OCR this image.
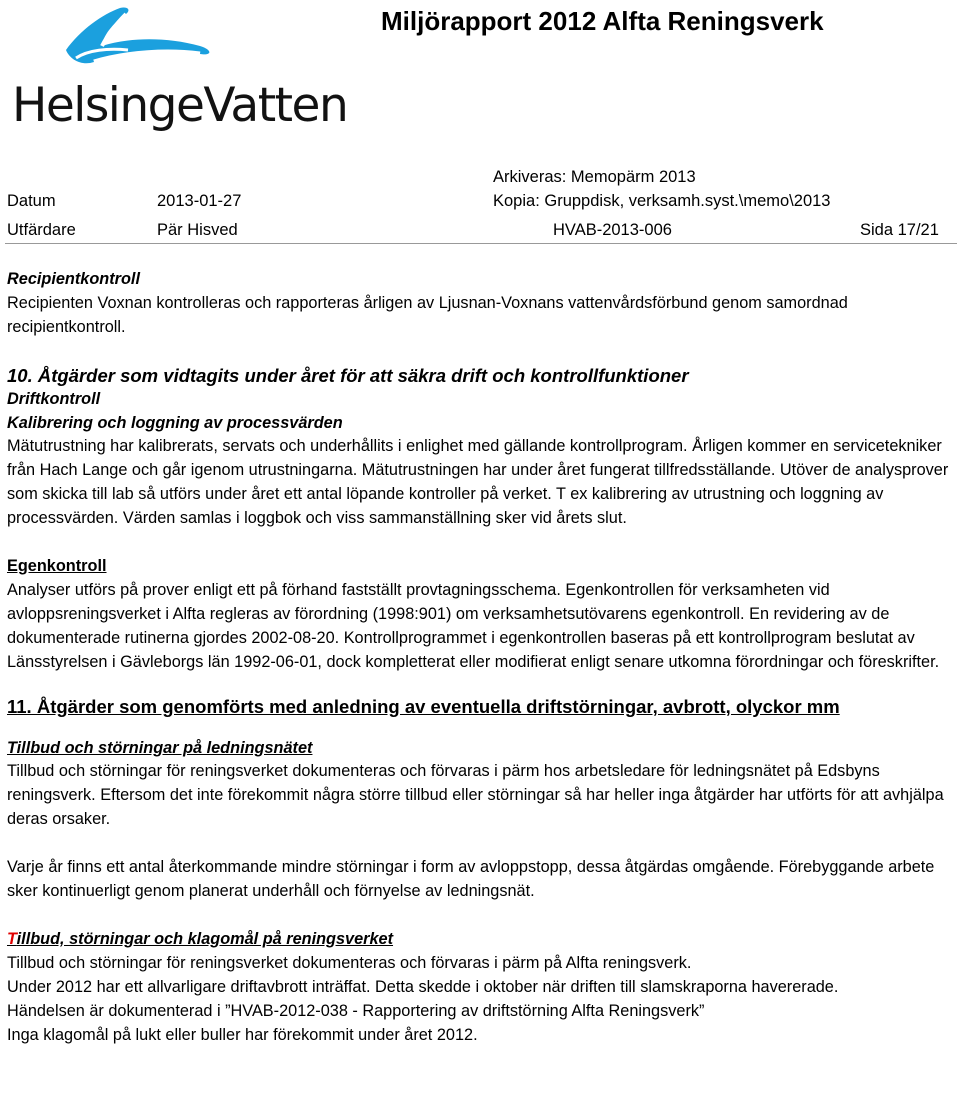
HelsingeVatten
Miljörapport 2012 Alfta Reningsverk
Arkiveras: Memopärm 2013
Datum	2013-01-27	Kopia: Gruppdisk, verksamh.syst.\memo\2013
Utfärdare	Pär Hisved	HVAB-2013-006	Sida 17/21

Recipientkontroll

Recipienten Voxnan kontrolleras och rapporteras årligen av Ljusnan-Voxnans vattenvårdsförbund genom samordnad recipientkontroll.

10. Åtgärder som vidtagits under året för att säkra drift och kontrollfunktioner

Driftkontroll

Kalibrering och loggning av processvärden

Mätutrustning har kalibrerats, servats och underhållits i enlighet med gällande kontrollprogram. Årligen kommer en servicetekniker från Hach Lange och går igenom utrustningarna. Mätutrustningen har under året fungerat tillfredsställande. Utöver de analysprover som skicka till lab så utförs under året ett antal löpande kontroller på verket. T ex kalibrering av utrustning och loggning av processvärden. Värden samlas i loggbok och viss sammanställning sker vid årets slut.

Egenkontroll

Analyser utförs på prover enligt ett på förhand fastställt provtagningsschema. Egenkontrollen för verksamheten vid avloppsreningsverket i Alfta regleras av förordning (1998:901) om verksamhetsutövarens egenkontroll. En revidering av de dokumenterade rutinerna gjordes 2002-08-20. Kontrollprogrammet i egenkontrollen baseras på ett kontrollprogram beslutat av Länsstyrelsen i Gävleborgs län 1992-06-01, dock kompletterat eller modifierat enligt senare utkomna förordningar och föreskrifter.

11. Åtgärder som genomförts med anledning av eventuella driftstörningar, avbrott, olyckor mm

Tillbud och störningar på ledningsnätet

Tillbud och störningar för reningsverket dokumenteras och förvaras i pärm hos arbetsledare för ledningsnätet på Edsbyns reningsverk. Eftersom det inte förekommit några större tillbud eller störningar så har heller inga åtgärder har utförts för att avhjälpa deras orsaker.

Varje år finns ett antal återkommande mindre störningar i form av avloppstopp, dessa åtgärdas omgående. Förebyggande arbete sker kontinuerligt genom planerat underhåll och förnyelse av ledningsnät.

Tillbud, störningar och klagomål på reningsverket

Tillbud och störningar för reningsverket dokumenteras och förvaras i pärm på Alfta reningsverk.

Under 2012 har ett allvarligare driftavbrott inträffat. Detta skedde i oktober när driften till slamskraporna havererade.

Händelsen är dokumenterad i ”HVAB-2012-038 - Rapportering av driftstörning Alfta Reningsverk”

Inga klagomål på lukt eller buller har förekommit under året 2012.
